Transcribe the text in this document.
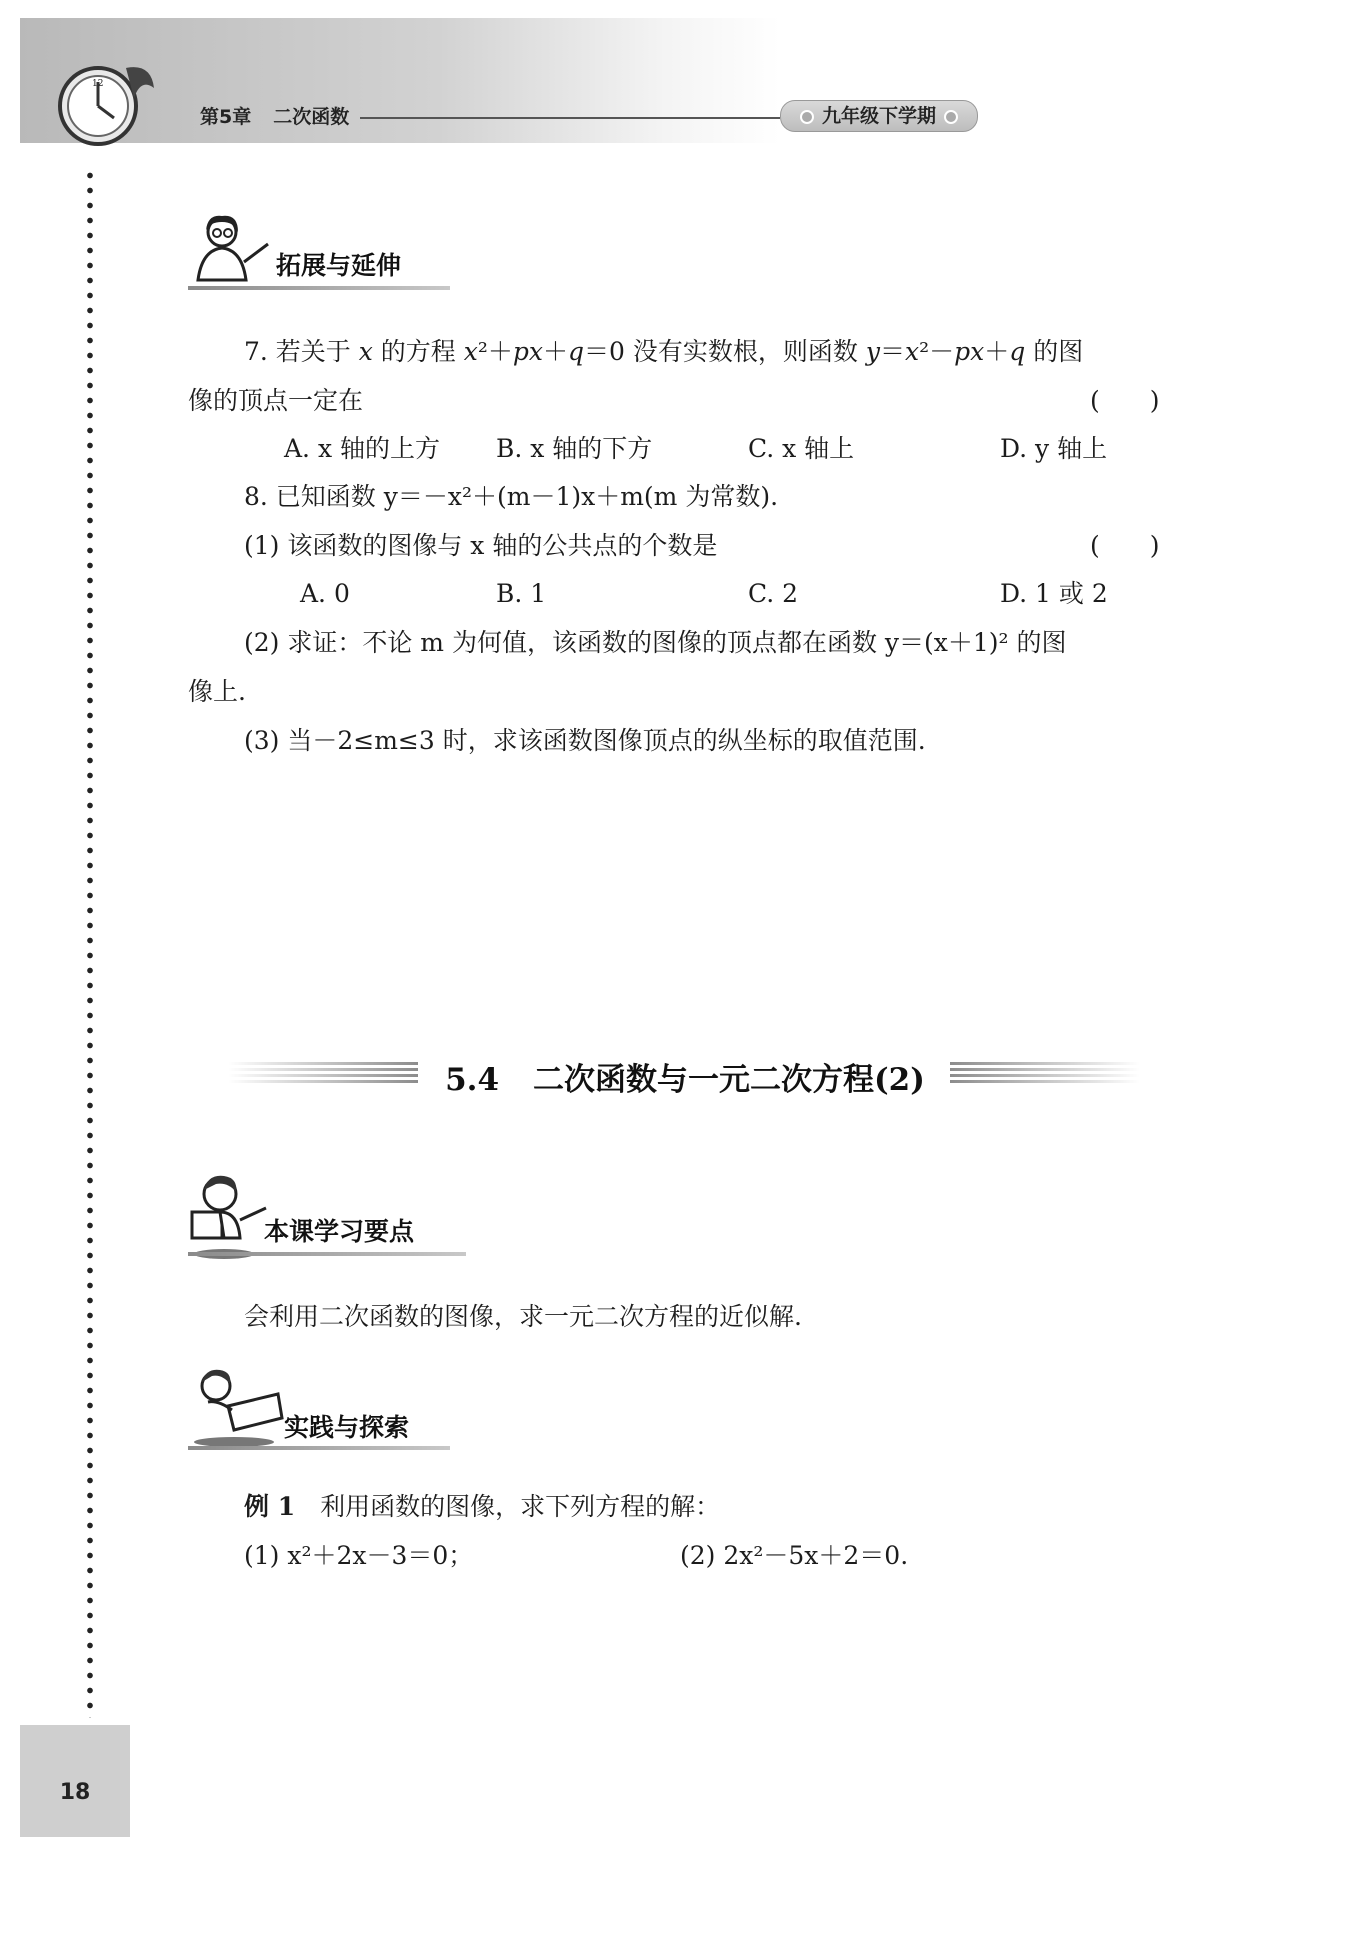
12
第5章 二次函数	九年级下学期
拓展与延伸
7. 若关于 x 的方程 x²＋px＋q＝0 没有实数根，则函数 y＝x²－px＋q 的图
像的顶点一定在	(　　)
A. x 轴的上方 B. x 轴的下方	C. x 轴上	D. y 轴上
8. 已知函数 y＝－x²＋(m－1)x＋m(m 为常数).
(1) 该函数的图像与 x 轴的公共点的个数是	(　　)
A. 0	B. 1	C. 2	D. 1 或 2
(2) 求证：不论 m 为何值，该函数的图像的顶点都在函数 y＝(x＋1)² 的图
像上.
(3) 当－2≤m≤3 时，求该函数图像顶点的纵坐标的取值范围.
5.4 二次函数与一元二次方程(2)
本课学习要点
会利用二次函数的图像，求一元二次方程的近似解.
实践与探索
例 1　 利用函数的图像，求下列方程的解：
(1) x²＋2x－3＝0；	(2) 2x²－5x＋2＝0.
18
